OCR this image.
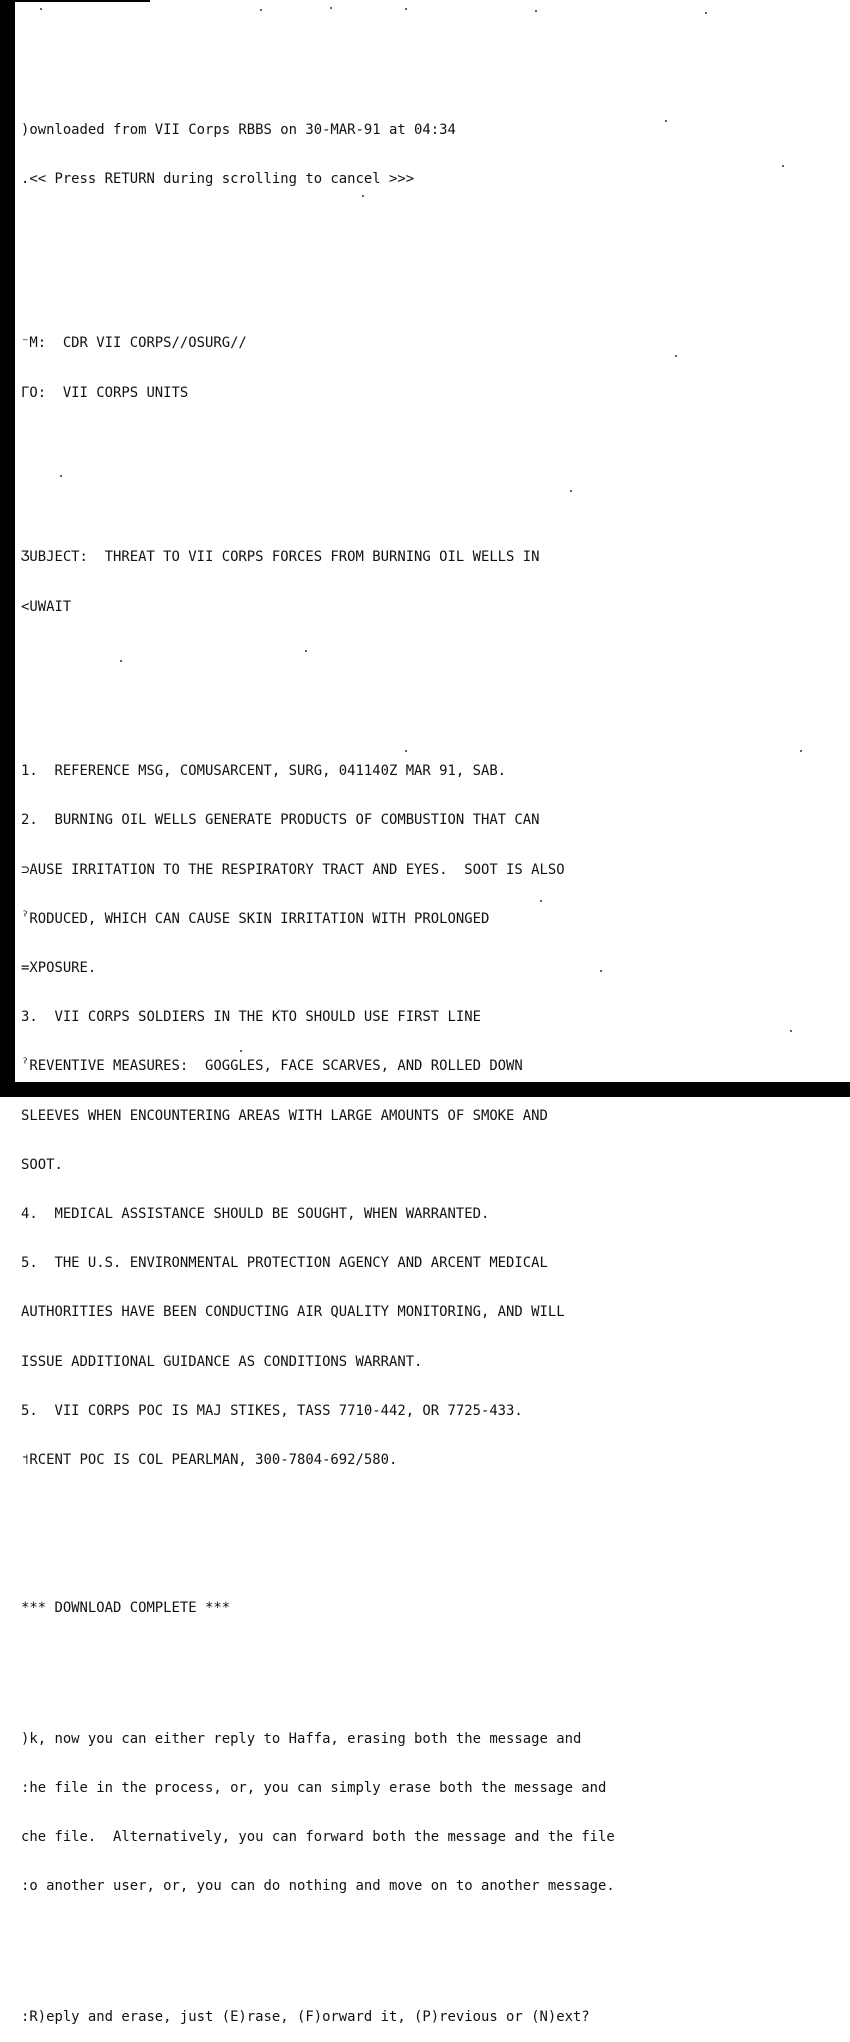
)ownloaded from VII Corps RBBS on 30-MAR-91 at 04:34

.<< Press RETURN during scrolling to cancel >>>

⁻M:  CDR VII CORPS//OSURG//

ГO:  VII CORPS UNITS

ƷUBJECT:  THREAT TO VII CORPS FORCES FROM BURNING OIL WELLS IN

<UWAIT

1.  REFERENCE MSG, COMUSARCENT, SURG, 041140Z MAR 91, SAB.

2.  BURNING OIL WELLS GENERATE PRODUCTS OF COMBUSTION THAT CAN

⊃AUSE IRRITATION TO THE RESPIRATORY TRACT AND EYES.  SOOT IS ALSO

ˀRODUCED, WHICH CAN CAUSE SKIN IRRITATION WITH PROLONGED

=XPOSURE.

3.  VII CORPS SOLDIERS IN THE KTO SHOULD USE FIRST LINE

ˀREVENTIVE MEASURES:  GOGGLES, FACE SCARVES, AND ROLLED DOWN

SLEEVES WHEN ENCOUNTERING AREAS WITH LARGE AMOUNTS OF SMOKE AND

SOOT.

4.  MEDICAL ASSISTANCE SHOULD BE SOUGHT, WHEN WARRANTED.

5.  THE U.S. ENVIRONMENTAL PROTECTION AGENCY AND ARCENT MEDICAL

AUTHORITIES HAVE BEEN CONDUCTING AIR QUALITY MONITORING, AND WILL

ISSUE ADDITIONAL GUIDANCE AS CONDITIONS WARRANT.

5.  VII CORPS POC IS MAJ STIKES, TASS 7710-442, OR 7725-433.

˦RCENT POC IS COL PEARLMAN, 300-7804-692/580.

*** DOWNLOAD COMPLETE ***

)k, now you can either reply to Haffa, erasing both the message and

:he file in the process, or, you can simply erase both the message and

che file.  Alternatively, you can forward both the message and the file

:o another user, or, you can do nothing and move on to another message.

:R)eply and erase, just (E)rase, (F)orward it, (P)revious or (N)ext?
